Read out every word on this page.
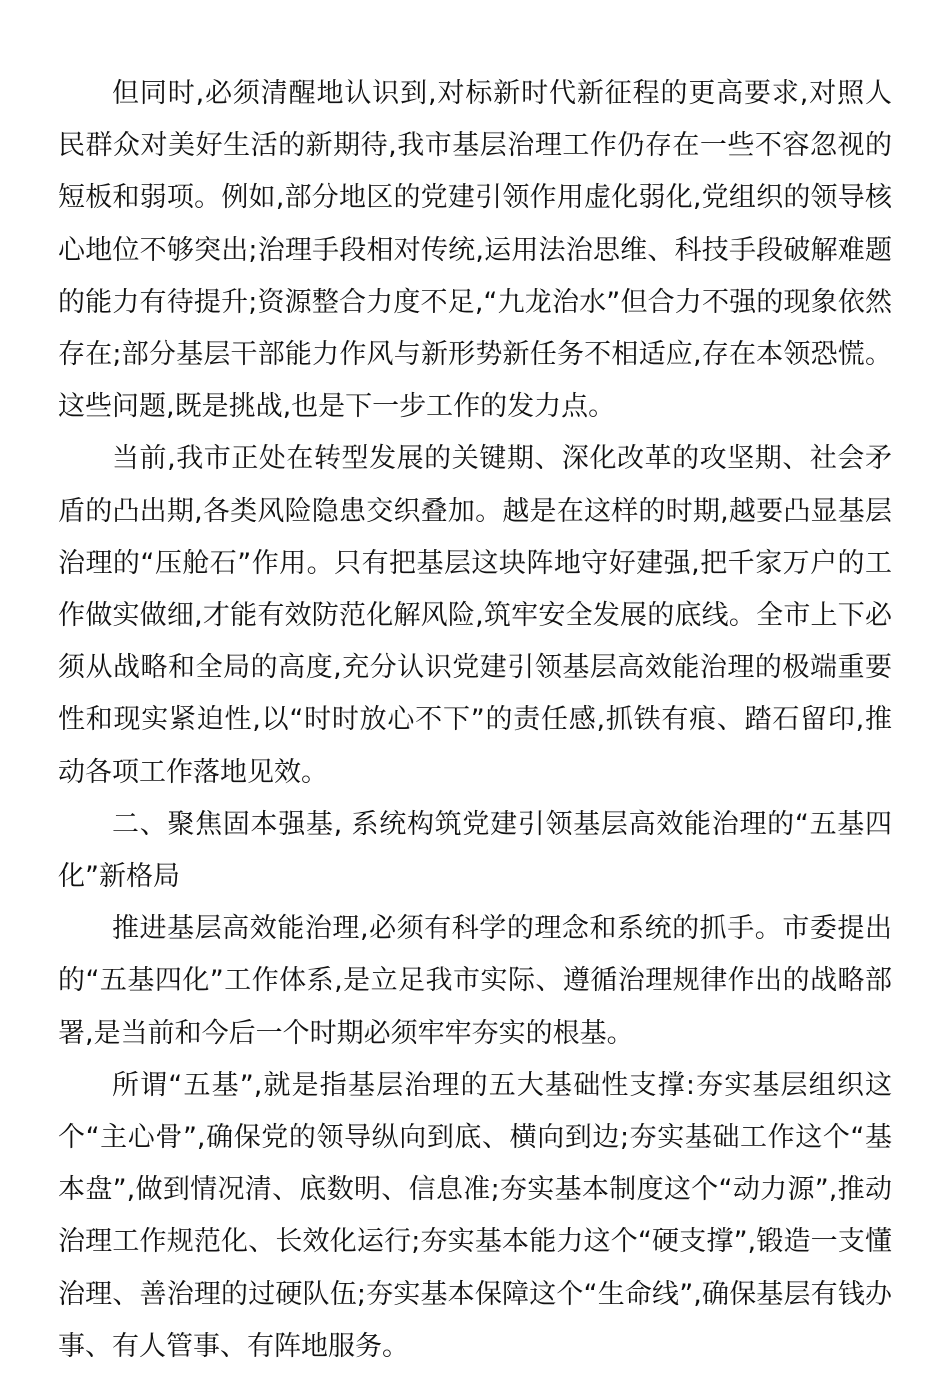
但同时,必须清醒地认识到,对标新时代新征程的更高要求,对照人民群众对美好生活的新期待,我市基层治理工作仍存在一些不容忽视的短板和弱项。例如,部分地区的党建引领作用虚化弱化,党组织的领导核心地位不够突出;治理手段相对传统,运用法治思维、科技手段破解难题的能力有待提升;资源整合力度不足,“九龙治水”但合力不强的现象依然存在;部分基层干部能力作风与新形势新任务不相适应,存在本领恐慌。这些问题,既是挑战,也是下一步工作的发力点。

当前,我市正处在转型发展的关键期、深化改革的攻坚期、社会矛盾的凸出期,各类风险隐患交织叠加。越是在这样的时期,越要凸显基层治理的“压舱石”作用。只有把基层这块阵地守好建强,把千家万户的工作做实做细,才能有效防范化解风险,筑牢安全发展的底线。全市上下必须从战略和全局的高度,充分认识党建引领基层高效能治理的极端重要性和现实紧迫性,以“时时放心不下”的责任感,抓铁有痕、踏石留印,推动各项工作落地见效。

二、聚焦固本强基, 系统构筑党建引领基层高效能治理的“五基四化”新格局

推进基层高效能治理,必须有科学的理念和系统的抓手。市委提出的“五基四化”工作体系,是立足我市实际、遵循治理规律作出的战略部署,是当前和今后一个时期必须牢牢夯实的根基。

所谓“五基”,就是指基层治理的五大基础性支撑:夯实基层组织这个“主心骨”,确保党的领导纵向到底、横向到边;夯实基础工作这个“基本盘”,做到情况清、底数明、信息准;夯实基本制度这个“动力源”,推动治理工作规范化、长效化运行;夯实基本能力这个“硬支撑”,锻造一支懂治理、善治理的过硬队伍;夯实基本保障这个“生命线”,确保基层有钱办事、有人管事、有阵地服务。
